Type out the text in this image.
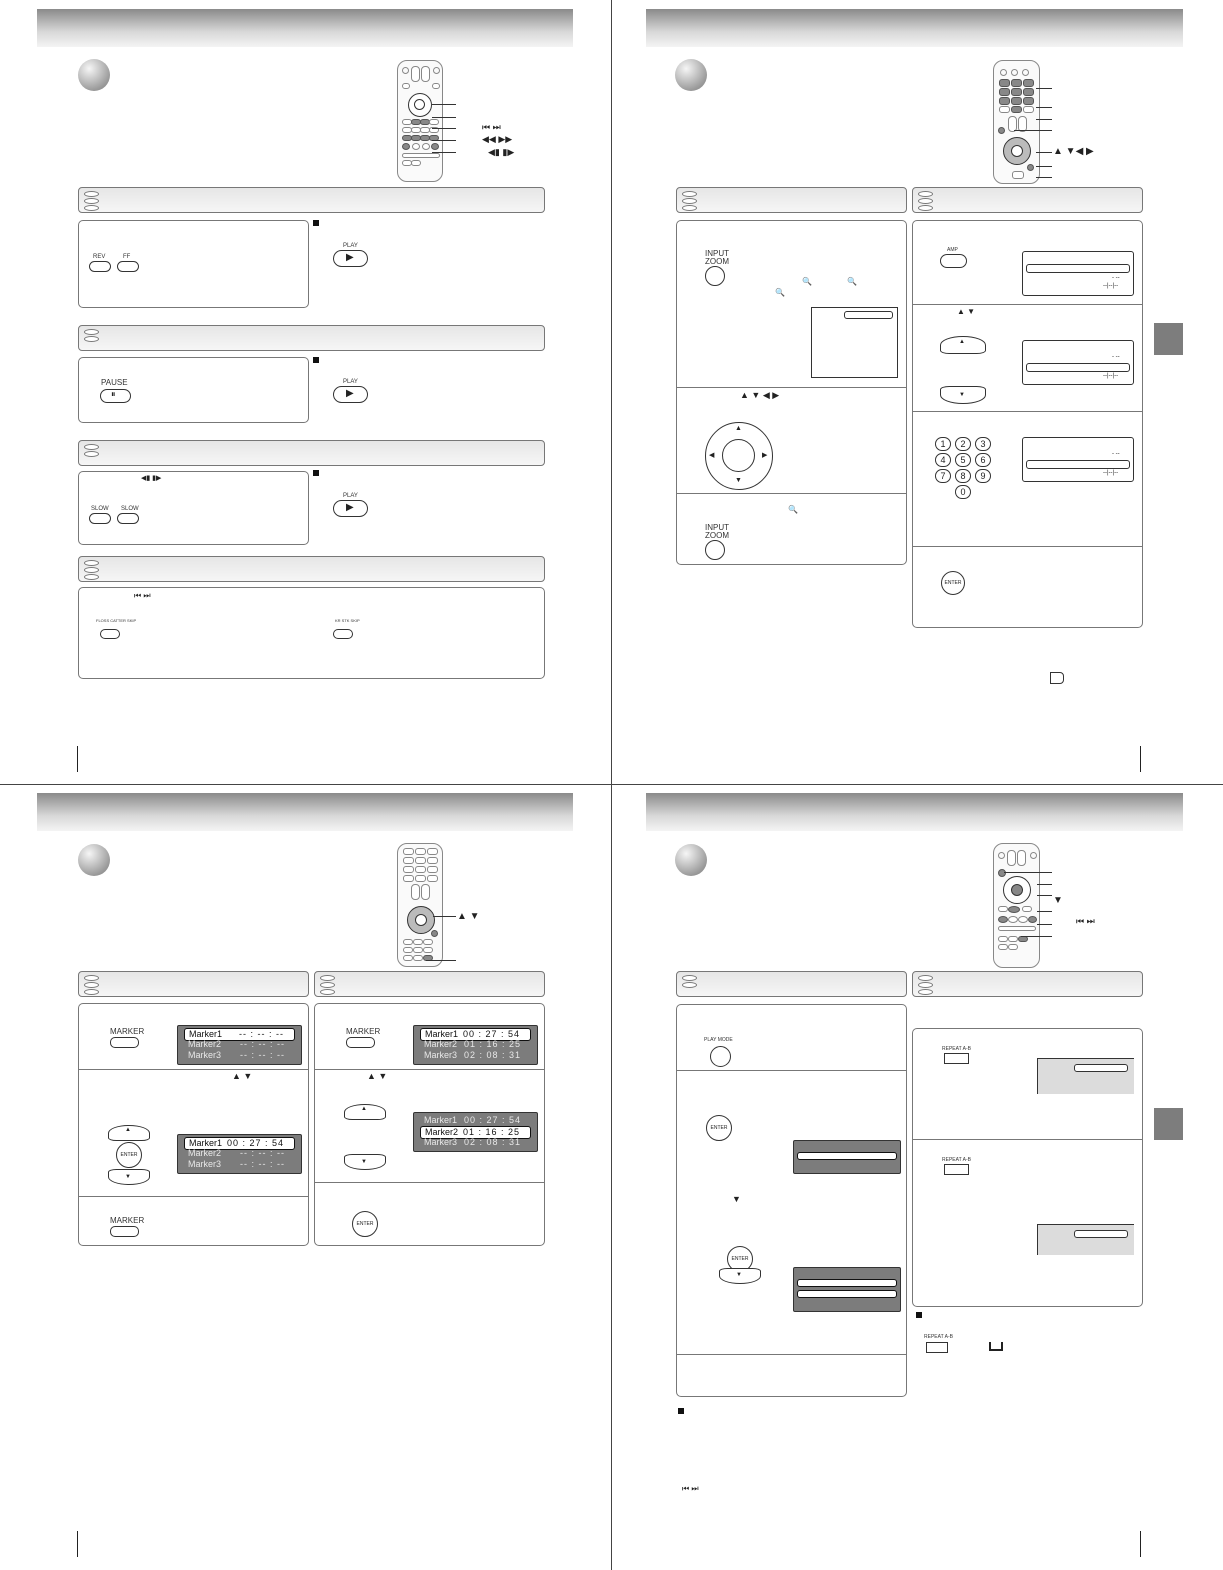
⏮ ⏭
◀◀ ▶▶
◀▮ ▮▶
REV	FF
PLAY
▶
PAUSE
⏸
PLAY
▶
◀▮ ▮▶
SLOW SLOW
PLAY
▶
⏮ ⏭
FLOSS CATTER SKIP	KR STK SKIP
▲ ▼◀ ▶
INPUT
ZOOM
🔍	🔍
🔍
▲ ▼ ◀ ▶
▲
▼
◀	▶
🔍
INPUT
ZOOM
AMP
- --
--|--|--
▲ ▼
▲
▼
- --
--|--|--
1	2	3
4	5	6
7	8	9
0
- --
--|--|--
ENTER
▲ ▼
MARKER	Marker1 -- : -- : --
Marker2 -- : -- : --
Marker3 -- : -- : --
▲ ▼
▲
ENTER
▼
Marker1 00 : 27 : 54
Marker2 -- : -- : --
Marker3 -- : -- : --
MARKER
MARKER	Marker1 00 : 27 : 54
Marker2 01 : 16 : 25
Marker3 02 : 08 : 31
▲ ▼
▲
▼
Marker1 00 : 27 : 54
Marker2 01 : 16 : 25
Marker3 02 : 08 : 31
ENTER
▼
⏮ ⏭
PLAY MODE
ENTER
▼
ENTER
▼
⏮ ⏭
REPEAT A-B
REPEAT A-B
REPEAT A-B
